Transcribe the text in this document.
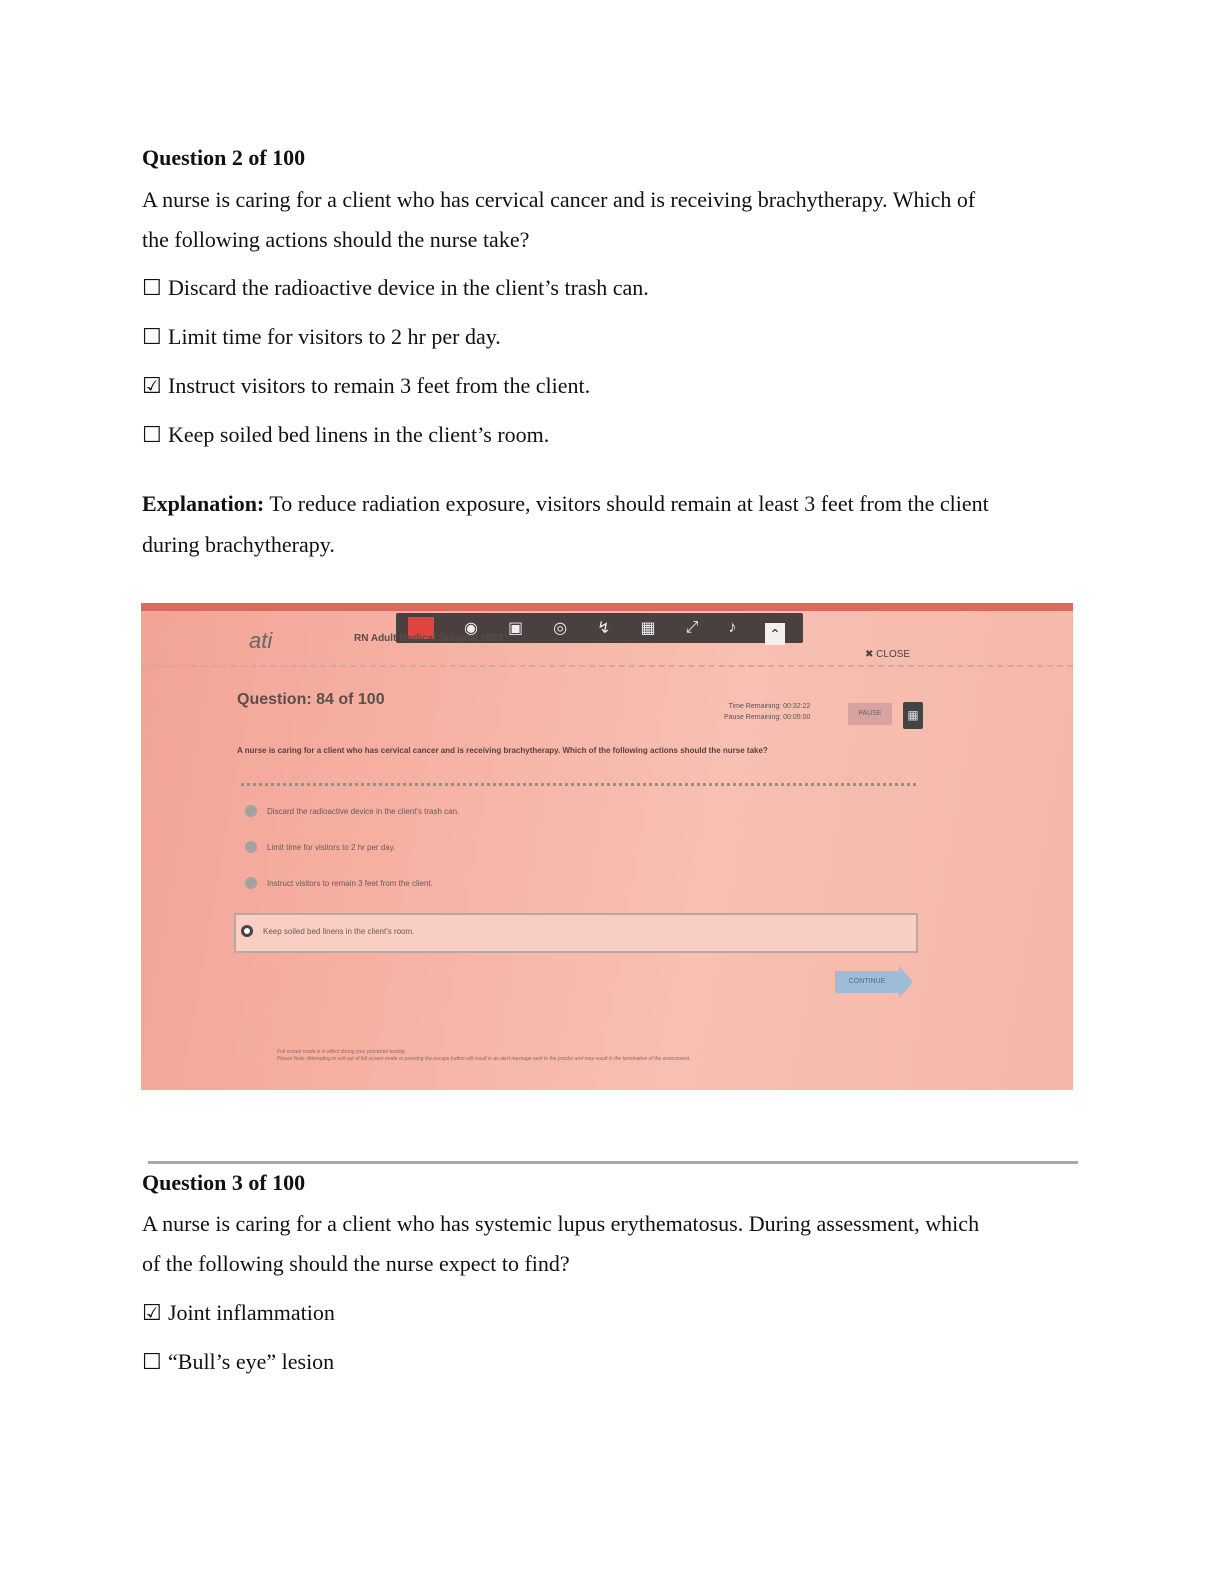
Question 2 of 100
A nurse is caring for a client who has cervical cancer and is receiving brachytherapy. Which of
the following actions should the nurse take?
☐ Discard the radioactive device in the client’s trash can.
☐ Limit time for visitors to 2 hr per day.
☑ Instruct visitors to remain 3 feet from the client.
☐ Keep soiled bed linens in the client’s room.
Explanation: To reduce radiation exposure, visitors should remain at least 3 feet from the client
during brachytherapy.
◉ ▣ ◎ ↯ ▦ ⤢ ♪ ⌃
ati	RN Adult Medical Surgical 2023
✖ CLOSE
Question: 84 of 100	Time Remaining: 00:32:22
Pause Remaining: 00:05:00
PAUSE	▦
A nurse is caring for a client who has cervical cancer and is receiving brachytherapy. Which of the following actions should the nurse take?
Discard the radioactive device in the client's trash can.
Limit time for visitors to 2 hr per day.
Instruct visitors to remain 3 feet from the client.
Keep soiled bed linens in the client's room.
CONTINUE
Full screen mode is in effect during your proctored testing.
Please Note: Attempting to exit out of full screen mode or pressing the escape button will result in an alert message sent to the proctor and may result in the termination of the assessment.
Question 3 of 100
A nurse is caring for a client who has systemic lupus erythematosus. During assessment, which
of the following should the nurse expect to find?
☑ Joint inflammation
☐ “Bull’s eye” lesion
